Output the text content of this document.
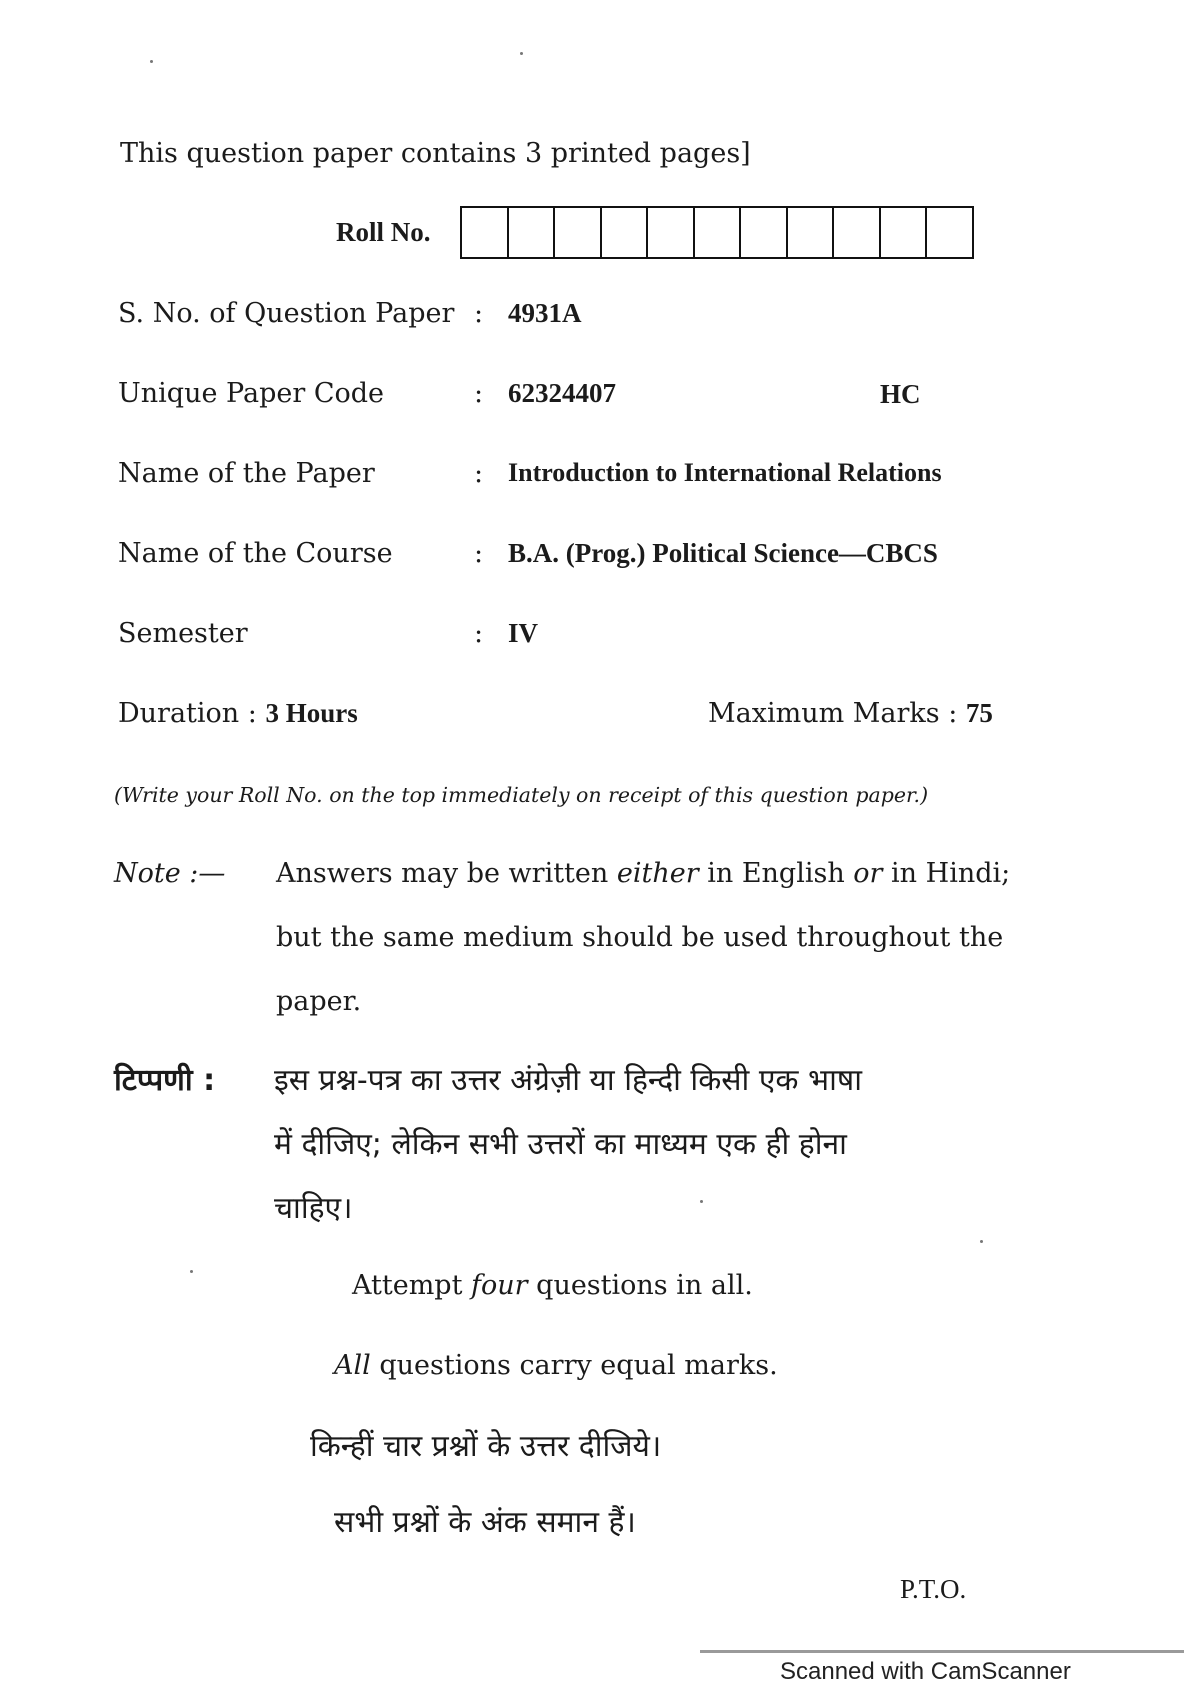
This question paper contains 3 printed pages]
Roll No.
S. No. of Question Paper : 4931A
Unique Paper Code	: 62324407	HC
Name of the Paper	: Introduction to International Relations
Name of the Course	: B.A. (Prog.) Political Science—CBCS
Semester	: IV
Duration : 3 Hours	Maximum Marks : 75
(Write your Roll No. on the top immediately on receipt of this question paper.)
Note :— Answers may be written either in English or in Hindi;
but the same medium should be used throughout the
paper.
टिप्पणी : इस प्रश्न-पत्र का उत्तर अंग्रेज़ी या हिन्दी किसी एक भाषा
में दीजिए; लेकिन सभी उत्तरों का माध्यम एक ही होना
चाहिए।
Attempt four questions in all.
All questions carry equal marks.
किन्हीं चार प्रश्नों के उत्तर दीजिये।
सभी प्रश्नों के अंक समान हैं।
P.T.O.
Scanned with CamScanner
